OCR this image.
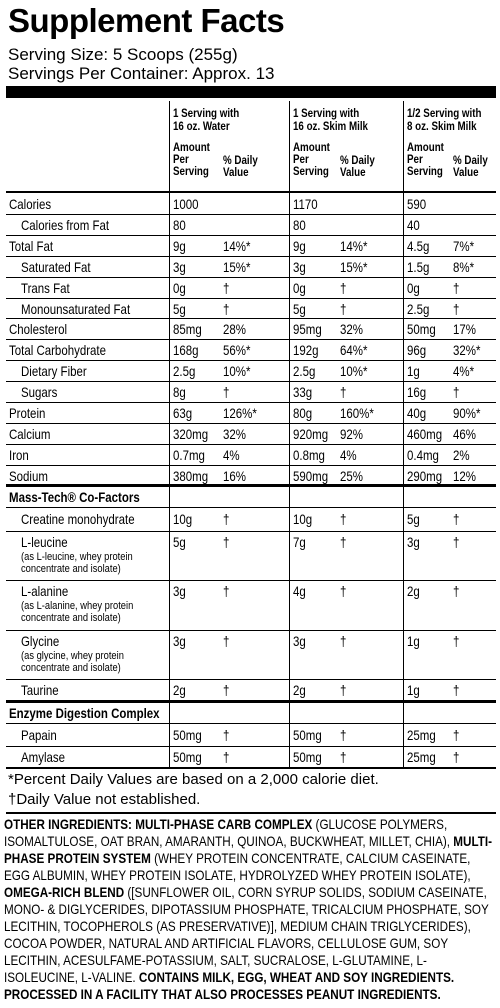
Supplement Facts
Serving Size: 5 Scoops (255g)
Servings Per Container: Approx. 13
*Percent Daily Values are based on a 2,000 calorie diet.
†Daily Value not established.
OTHER INGREDIENTS: MULTI-PHASE CARB COMPLEX (GLUCOSE POLYMERS, ISOMALTULOSE, OAT BRAN, AMARANTH, QUINOA, BUCKWHEAT, MILLET, CHIA), MULTI-PHASE PROTEIN SYSTEM (WHEY PROTEIN CONCENTRATE, CALCIUM CASEINATE, EGG ALBUMIN, WHEY PROTEIN ISOLATE, HYDROLYZED WHEY PROTEIN ISOLATE), OMEGA-RICH BLEND ([SUNFLOWER OIL, CORN SYRUP SOLIDS, SODIUM CASEINATE, MONO- & DIGLYCERIDES, DIPOTASSIUM PHOSPHATE, TRICALCIUM PHOSPHATE, SOY LECITHIN, TOCOPHEROLS (AS PRESERVATIVE)], MEDIUM CHAIN TRIGLYCERIDES), COCOA POWDER, NATURAL AND ARTIFICIAL FLAVORS, CELLULOSE GUM, SOY LECITHIN, ACESULFAME-POTASSIUM, SALT, SUCRALOSE, L-GLUTAMINE, L-ISOLEUCINE, L-VALINE. CONTAINS MILK, EGG, WHEAT AND SOY INGREDIENTS. PROCESSED IN A FACILITY THAT ALSO PROCESSES PEANUT INGREDIENTS.
1 Serving with
16 oz. Water
Amount
Per
Serving
% Daily
Value
1 Serving with
16 oz. Skim Milk
Amount
Per
Serving
% Daily
Value
1/2 Serving with
8 oz. Skim Milk
Amount
Per
Serving
% Daily
Value
Calories	1000	1170	590
Calories from Fat	80	80	40
Total Fat	9g	14%*	9g 14%*	4.5g 7%*
Saturated Fat	3g	15%*	3g 15%*	1.5g 8%*
Trans Fat	0g	†	0g †	0g †
Monounsaturated Fat	5g	†	5g †	2.5g †
Cholesterol	85mg 28%	95mg 32%	50mg 17%
Total Carbohydrate	168g 56%*	192g 64%*	96g 32%*
Dietary Fiber	2.5g 10%*	2.5g 10%*	1g 4%*
Sugars	8g	†	33g †	16g †
Protein	63g 126%*	80g 160%* 40g 90%*
Calcium	320mg 32%	920mg 92%	460mg 46%
Iron	0.7mg 4%	0.8mg 4%	0.4mg 2%
Sodium	380mg 16%	590mg 25%	290mg 12%
Mass-Tech® Co-Factors
Creatine monohydrate	10g †	10g †	5g †
L-leucine
(as L-leucine, whey protein
concentrate and isolate)
5g	†	7g †	3g †
L-alanine
(as L-alanine, whey protein
concentrate and isolate)
3g	†	4g †	2g †
Glycine
(as glycine, whey protein
concentrate and isolate)
3g	†	3g †	1g †
Taurine	2g	†	2g †	1g †
Enzyme Digestion Complex
Papain	50mg †	50mg †	25mg †
Amylase	50mg †	50mg †	25mg †
